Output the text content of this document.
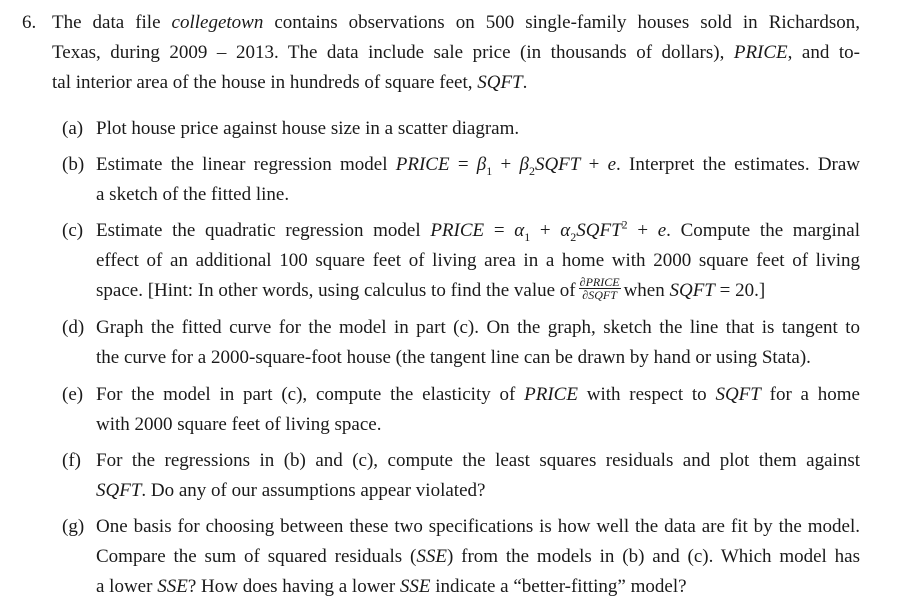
6. The data file collegetown contains observations on 500 single-family houses sold in Richardson,
Texas, during 2009 – 2013. The data include sale price (in thousands of dollars), PRICE, and to-
tal interior area of the house in hundreds of square feet, SQFT.
(a) Plot house price against house size in a scatter diagram.
(b) Estimate the linear regression model PRICE = $\beta_1$ + $\beta_2SQFT + e$. Interpret the estimates. Draw
a sketch of the fitted line.
(c) Estimate the quadratic regression model PRICE = $\alpha_1$ + $\alpha_2SQFT^2 + e$. Compute the marginal
effect of an additional 100 square feet of living area in a home with 2000 square feet of living
space. [Hint: In other words, using calculus to find the value of $\frac{\text{∂PRICE}}{\text{∂SQFT}}$ when SQFT = 20.]
(d) Graph the fitted curve for the model in part (c). On the graph, sketch the line that is tangent to
the curve for a 2000-square-foot house (the tangent line can be drawn by hand or using Stata).
(e) For the model in part (c), compute the elasticity of PRICE with respect to SQFT for a home
with 2000 square feet of living space.
(f) For the regressions in (b) and (c), compute the least squares residuals and plot them against
SQFT. Do any of our assumptions appear violated?
(g) One basis for choosing between these two specifications is how well the data are fit by the model.
Compare the sum of squared residuals (SSE) from the models in (b) and (c). Which model has
a lower SSE? How does having a lower SSE indicate a “better-fitting” model?
